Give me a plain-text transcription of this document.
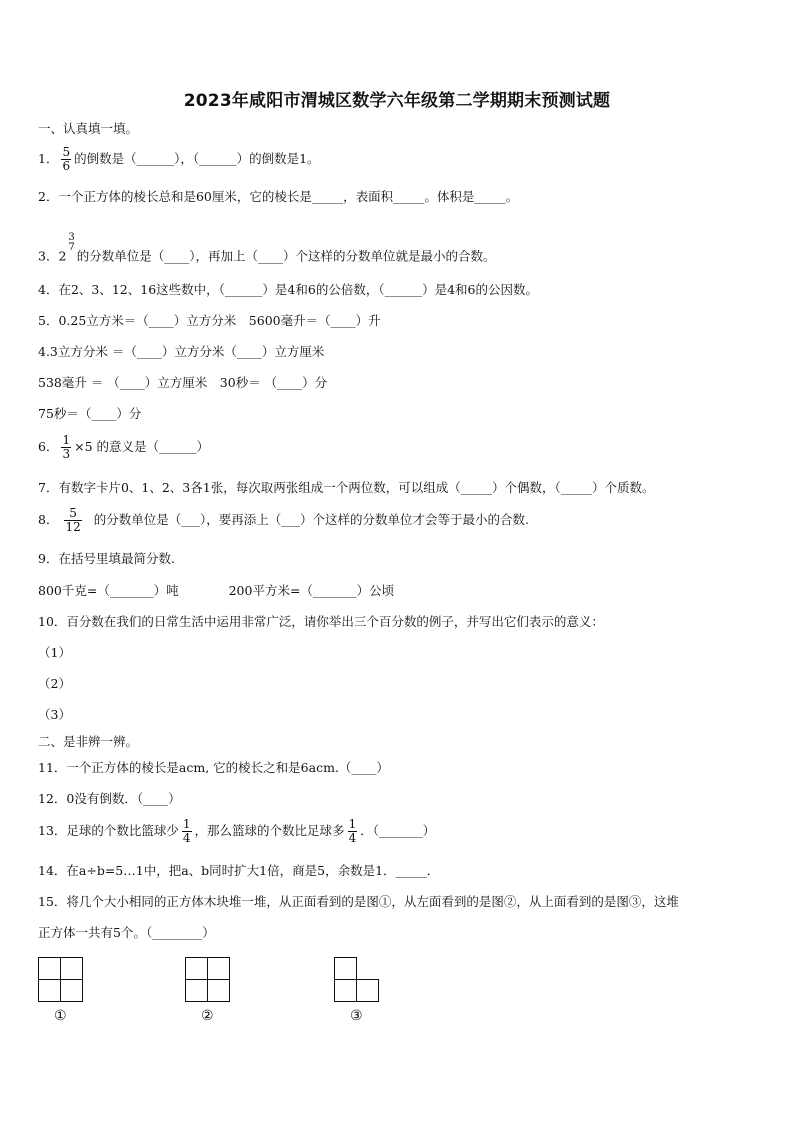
2023年咸阳市渭城区数学六年级第二学期期末预测试题
一、认真填一填。
1． $\frac{5}{6}$ 的倒数是（______），（______）的倒数是1。
2．一个正方体的棱长总和是60厘米，它的棱长是_____，表面积_____。体积是_____。
3．2
3
7
的分数单位是（____），再加上（____）个这样的分数单位就是最小的合数。
4．在2、3、12、16这些数中，（______）是4和6的公倍数，（______）是4和6的公因数。
5．0.25立方米＝（____）立方分米　5600毫升＝（____）升
4.3立方分米 ＝（____）立方分米（____）立方厘米
538毫升 ＝ （____）立方厘米　30秒＝ （____）分
75秒＝（____）分
6． $\frac{1}{3} \times 5$ 的意义是（______）
7．有数字卡片0、1、2、3各1张，每次取两张组成一个两位数，可以组成（_____）个偶数，（_____）个质数。
8． $\frac{5}{12}$ 的分数单位是（___），要再添上（___）个这样的分数单位才会等于最小的合数.
9．在括号里填最简分数.
800千克=（_______）吨　　　　200平方米=（_______）公顷
10．百分数在我们的日常生活中运用非常广泛，请你举出三个百分数的例子，并写出它们表示的意义：
（1）
（2）
（3）
二、是非辨一辨。
11．一个正方体的棱长是acm, 它的棱长之和是6acm.（____）
12．0没有倒数．（____）
13．足球的个数比篮球少 $\frac{1}{4}$ ，那么篮球的个数比足球多 $\frac{1}{4}$ ．（_______）
14．在a÷b=5…1中，把a、b同时扩大1倍，商是5，余数是1．_____．
15．将几个大小相同的正方体木块堆一堆，从正面看到的是图①，从左面看到的是图②，从上面看到的是图③，这堆
正方体一共有5个。（________）
①	②	③
